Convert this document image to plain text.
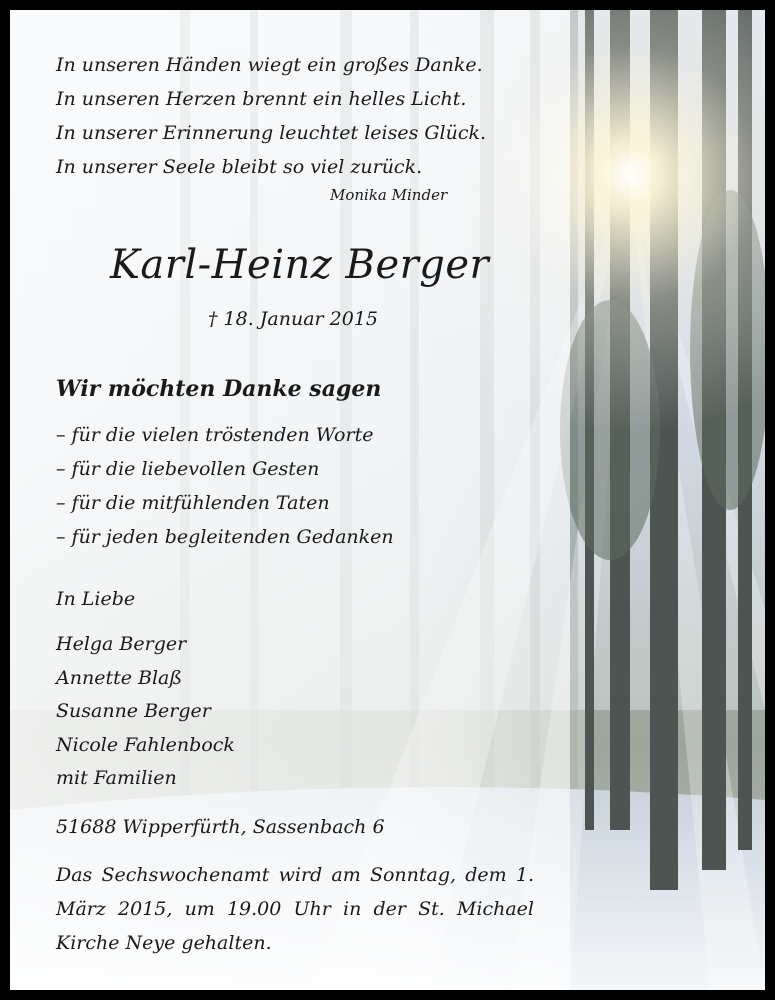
In unseren Händen wiegt ein großes Danke.
In unseren Herzen brennt ein helles Licht.
In unserer Erinnerung leuchtet leises Glück.
In unserer Seele bleibt so viel zurück.
Monika Minder
Karl-Heinz Berger
† 18. Januar 2015
Wir möchten Danke sagen
– für die vielen tröstenden Worte
– für die liebevollen Gesten
– für die mitfühlenden Taten
– für jeden begleitenden Gedanken
In Liebe
Helga Berger
Annette Blaß
Susanne Berger
Nicole Fahlenbock
mit Familien
51688 Wipperfürth, Sassenbach 6
Das Sechswochenamt wird am Sonntag, dem 1. März 2015, um 19.00 Uhr in der St. Michael Kirche Neye gehalten.
